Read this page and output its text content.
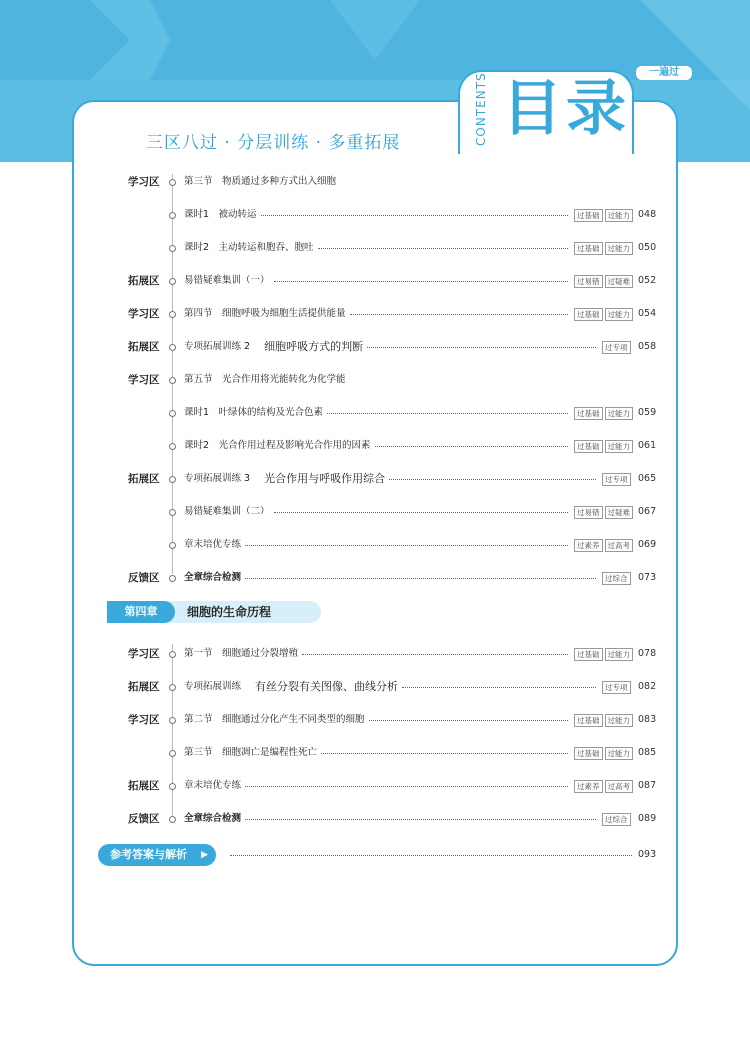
CONTENTS 目录
一遍过
三区八过 · 分层训练 · 多重拓展
学习区	第三节　物质通过多种方式出入细胞
课时1　被动转运	过基础	过能力 048
课时2　主动转运和胞吞、胞吐	过基础	过能力 050
拓展区	易错疑难集训（一）	过易错	过疑难 052
学习区	第四节　细胞呼吸为细胞生活提供能量	过基础	过能力 054
拓展区	专项拓展训练 2 细胞呼吸方式的判断	过专项	058
学习区	第五节　光合作用将光能转化为化学能
课时1　叶绿体的结构及光合色素	过基础	过能力 059
课时2　光合作用过程及影响光合作用的因素	过基础	过能力 061
拓展区	专项拓展训练 3 光合作用与呼吸作用综合	过专项	065
易错疑难集训（二）	过易错	过疑难 067
章末培优专练	过素养	过高考 069
反馈区	全章综合检测	过综合	073
第四章	细胞的生命历程
学习区	第一节　细胞通过分裂增殖	过基础	过能力 078
拓展区	专项拓展训练 有丝分裂有关图像、曲线分析	过专项	082
学习区	第二节　细胞通过分化产生不同类型的细胞	过基础	过能力 083
第三节　细胞凋亡是编程性死亡	过基础	过能力 085
拓展区	章末培优专练	过素养	过高考 087
反馈区	全章综合检测	过综合	089
参考答案与解析 ▶	093
